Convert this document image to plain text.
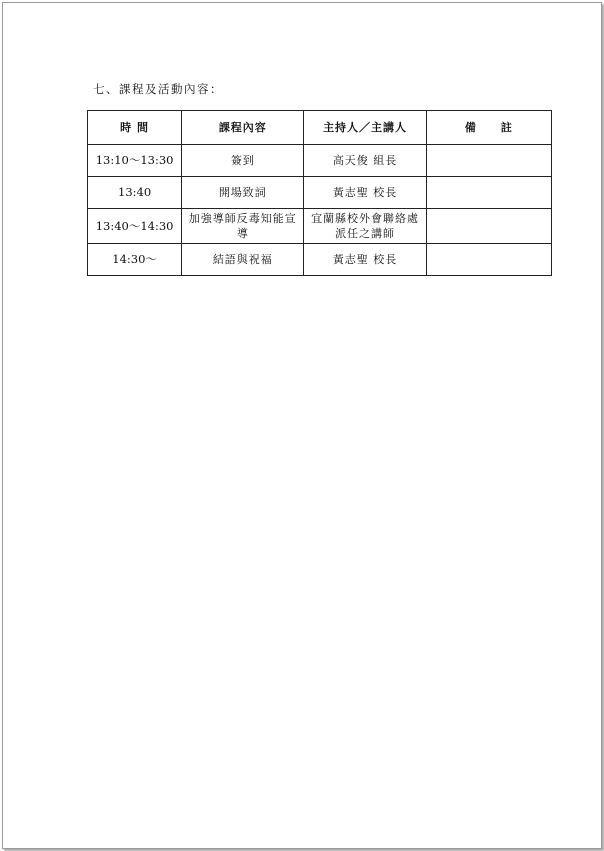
七、課程及活動內容：
時 間	課程內容	主持人／主講人	備　　註
13:10～13:30	簽到	高天俊 組長	

13:40	開場致詞	黃志聖 校長	

13:40～14:30	加強導師反毒知能宣導	宜蘭縣校外會聯絡處
派任之講師	

14:30～	結語與祝福	黃志聖 校長	
